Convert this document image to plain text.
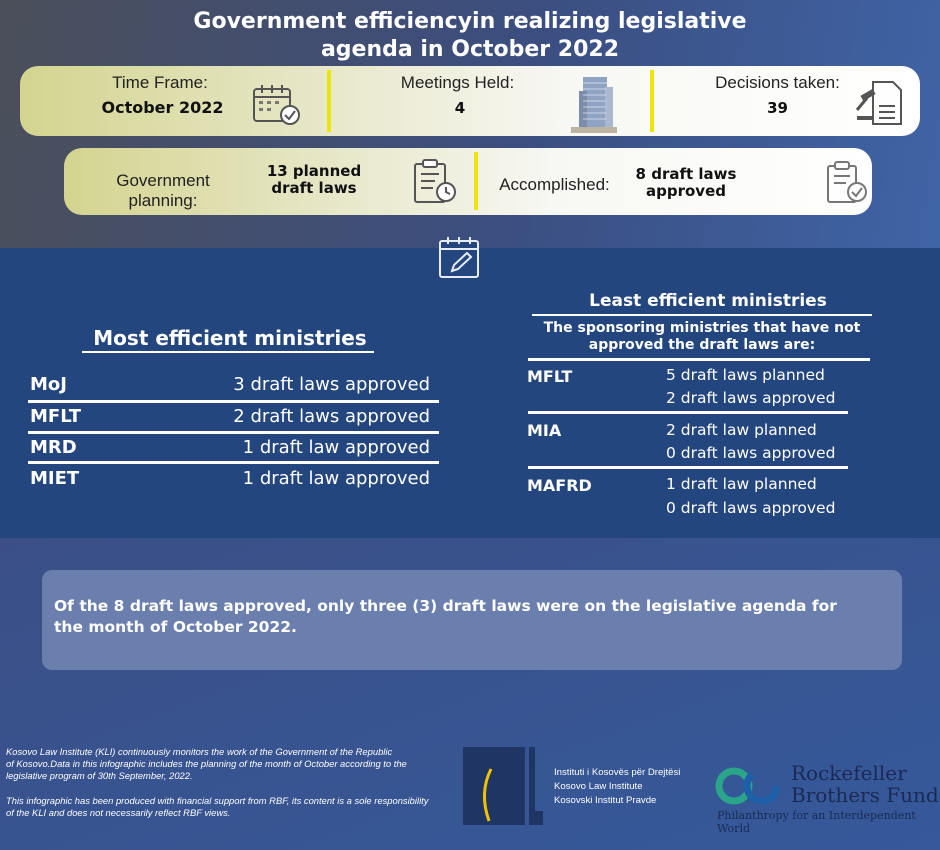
Government efficiencyin realizing legislative
agenda in October 2022
Time Frame:
October 2022
Meetings Held:
4
Decisions taken:
39
Government planning:
13 planned
draft laws	Accomplished:
8 draft laws
approved
Most efficient ministries
MoJ	3 draft laws approved
MFLT	2 draft laws approved
MRD	1 draft law approved
MIET	1 draft law approved
Least efficient ministries
The sponsoring ministries that have not
approved the draft laws are:
MFLT	5 draft laws planned
2 draft laws approved
MIA	2 draft law planned
0 draft laws approved
MAFRD	1 draft law planned
0 draft laws approved
Of the 8 draft laws approved, only three (3) draft laws were on the legislative agenda for
the month of October 2022.
Kosovo Law Institute (KLI) continuously monitors the work of the Government of the Republic
of Kosovo.Data in this infographic includes the planning of the month of October according to the
legislative program of 30th September, 2022.
This infographic has been produced with financial support from RBF, its content is a sole responsibility
of the KLI and does not necessarily reflect RBF views.
Instituti i Kosovës për Drejtësi
Kosovo Law Institute
Kosovski Institut Pravde
Rockefeller
Brothers Fund
Philanthropy for an Interdependent World
